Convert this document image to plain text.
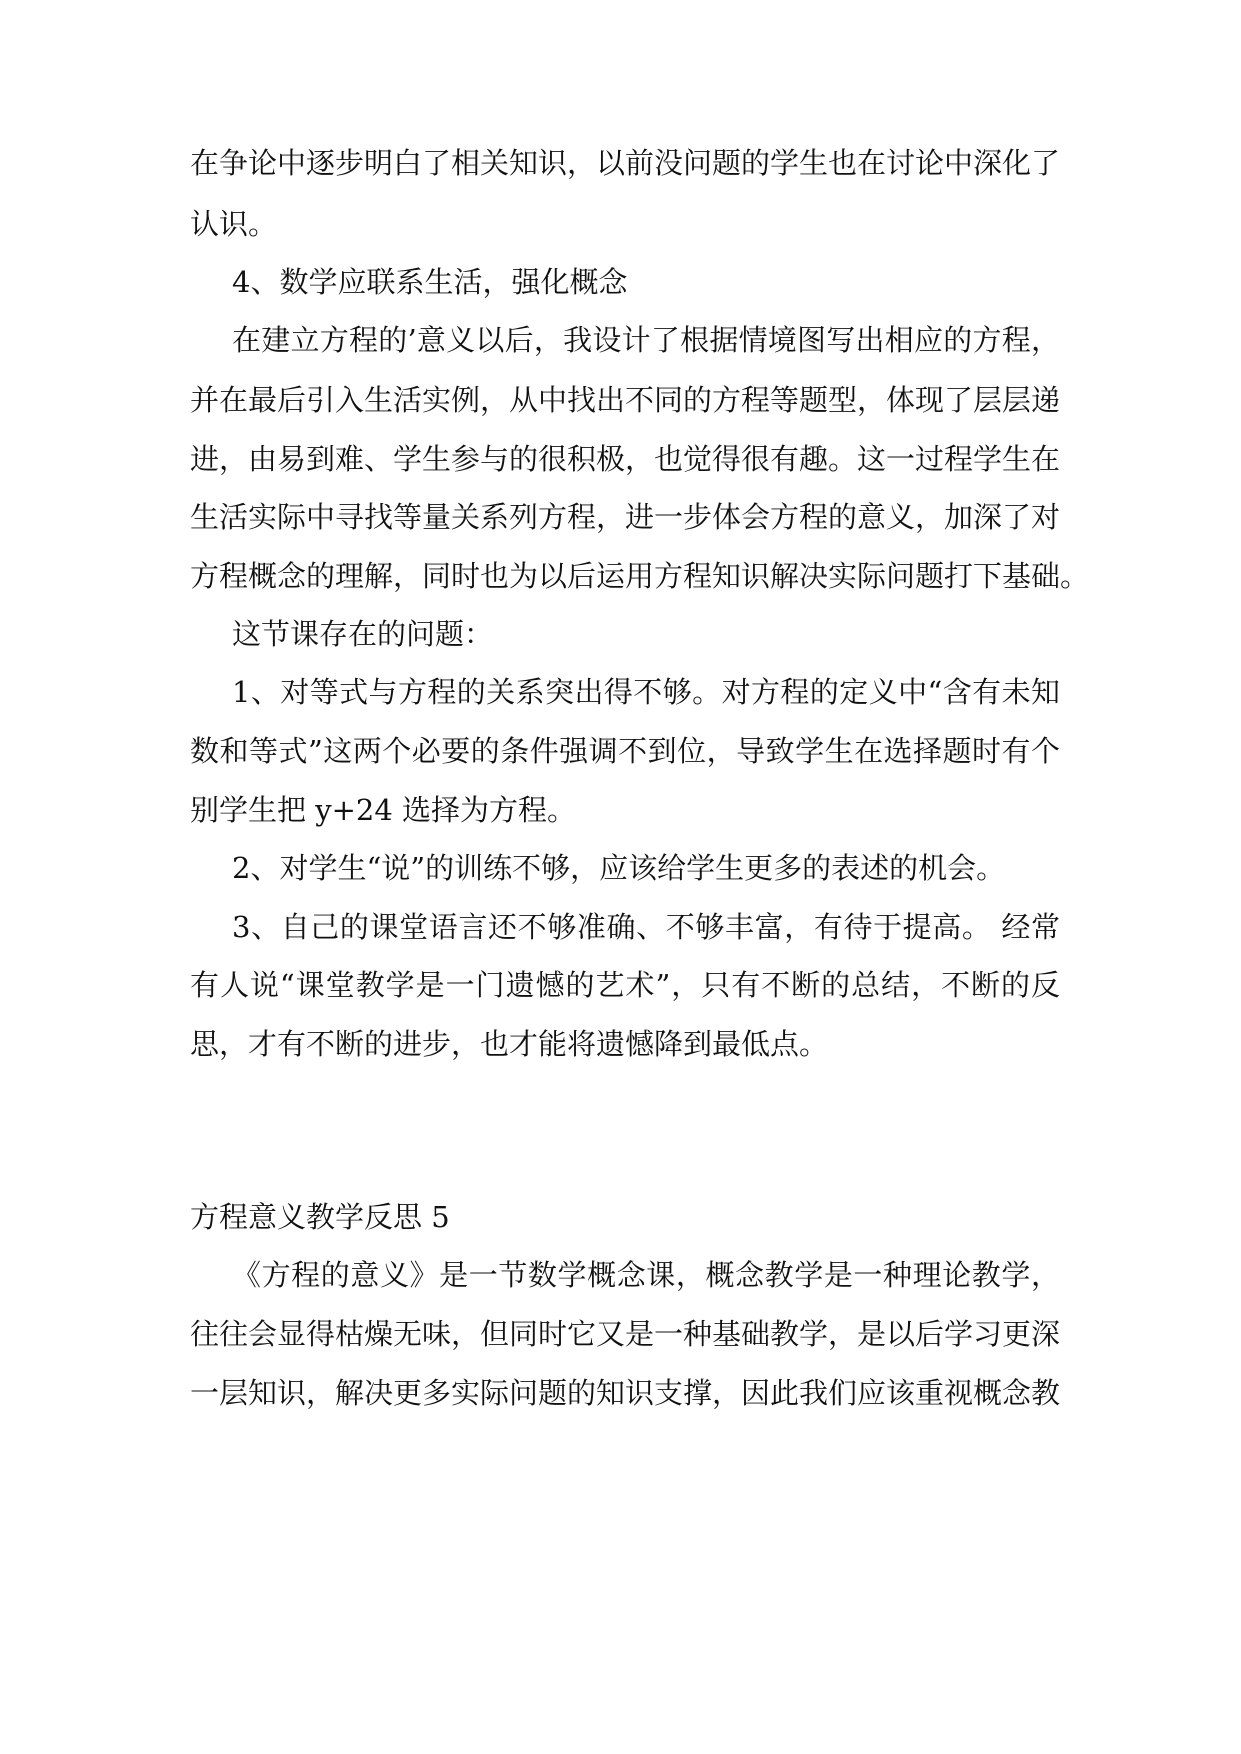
在争论中逐步明白了相关知识，以前没问题的学生也在讨论中深化了
认识。
4、数学应联系生活，强化概念
在建立方程的’意义以后，我设计了根据情境图写出相应的方程，
并在最后引入生活实例，从中找出不同的方程等题型，体现了层层递
进，由易到难、学生参与的很积极，也觉得很有趣。这一过程学生在
生活实际中寻找等量关系列方程，进一步体会方程的意义，加深了对
方程概念的理解，同时也为以后运用方程知识解决实际问题打下基础。
这节课存在的问题：
1、对等式与方程的关系突出得不够。对方程的定义中“含有未知
数和等式”这两个必要的条件强调不到位，导致学生在选择题时有个
别学生把 y+24 选择为方程。
2、对学生“说”的训练不够，应该给学生更多的表述的机会。
3、自己的课堂语言还不够准确、不够丰富，有待于提高。 经常
有人说“课堂教学是一门遗憾的艺术”，只有不断的总结，不断的反
思，才有不断的进步，也才能将遗憾降到最低点。
方程意义教学反思 5
《方程的意义》是一节数学概念课，概念教学是一种理论教学，
往往会显得枯燥无味，但同时它又是一种基础教学，是以后学习更深
一层知识，解决更多实际问题的知识支撑，因此我们应该重视概念教
